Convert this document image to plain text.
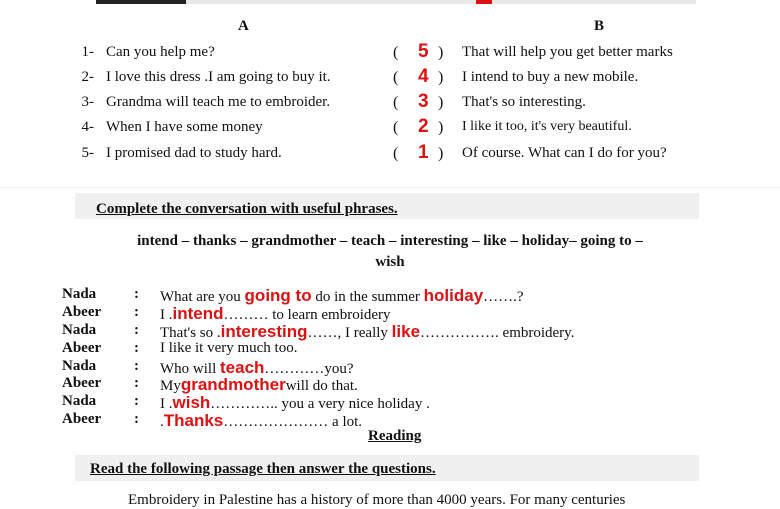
A	B
1- Can you help me?	( 5 ) That will help you get better marks
2- I love this dress .I am going to buy it.	( 4 ) I intend to buy a new mobile.
3- Grandma will teach me to embroider.	( 3 ) That's so interesting.
4- When I have some money	( 2 ) I like it too, it's very beautiful.
5- I promised dad to study hard.	( 1 ) Of course. What can I do for you?
Complete the conversation with useful phrases.
intend – thanks – grandmother – teach – interesting – like – holiday– going to –
wish
Nada	: What are you going to do in the summer holiday…….?
Abeer : I .intend……… to learn embroidery
Nada	: That's so .interesting……, I really like……………. embroidery.
Abeer : I like it very much too.
Nada	: Who will teach…………you?
Abeer : Mygrandmotherwill do that.
Nada	: I .wish………….. you a very nice holiday .
Abeer : .Thanks………………… a lot.
Reading
Read the following passage then answer the questions.
Embroidery in Palestine has a history of more than 4000 years. For many centuries
